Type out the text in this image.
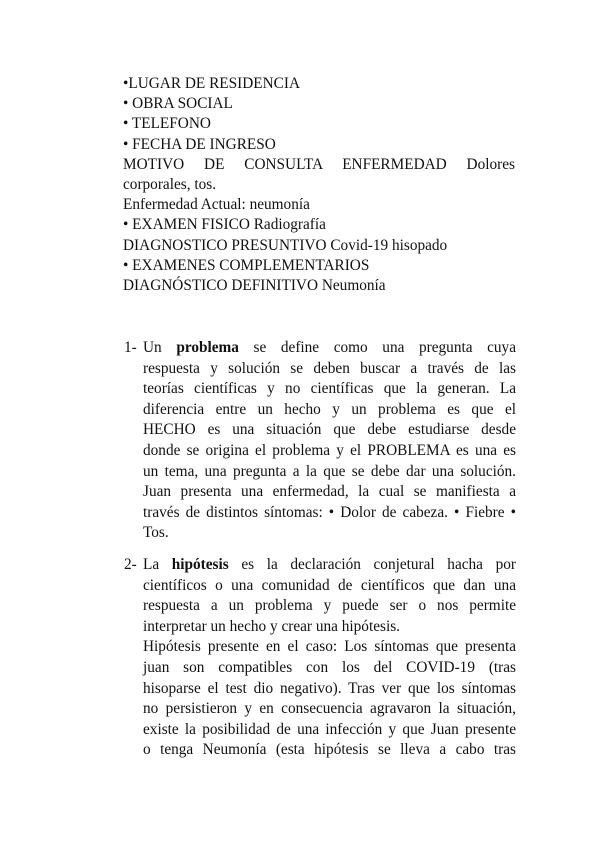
•LUGAR DE RESIDENCIA
• OBRA SOCIAL
• TELEFONO
• FECHA DE INGRESO
MOTIVO DE CONSULTA ENFERMEDAD Dolores
corporales, tos.
Enfermedad Actual: neumonía
• EXAMEN FISICO Radiografía
DIAGNOSTICO PRESUNTIVO Covid-19 hisopado
• EXAMENES COMPLEMENTARIOS
DIAGNÓSTICO DEFINITIVO Neumonía
1- Un problema se define como una pregunta cuya
respuesta y solución se deben buscar a través de las
teorías científicas y no científicas que la generan. La
diferencia entre un hecho y un problema es que el
HECHO es una situación que debe estudiarse desde
donde se origina el problema y el PROBLEMA es una es
un tema, una pregunta a la que se debe dar una solución.
Juan presenta una enfermedad, la cual se manifiesta a
través de distintos síntomas: • Dolor de cabeza. • Fiebre •
Tos.
2- La hipótesis es la declaración conjetural hacha por
científicos o una comunidad de científicos que dan una
respuesta a un problema y puede ser o nos permite
interpretar un hecho y crear una hipótesis.
Hipótesis presente en el caso: Los síntomas que presenta
juan son compatibles con los del COVID-19 (tras
hisoparse el test dio negativo). Tras ver que los síntomas
no persistieron y en consecuencia agravaron la situación,
existe la posibilidad de una infección y que Juan presente
o tenga Neumonía (esta hipótesis se lleva a cabo tras
